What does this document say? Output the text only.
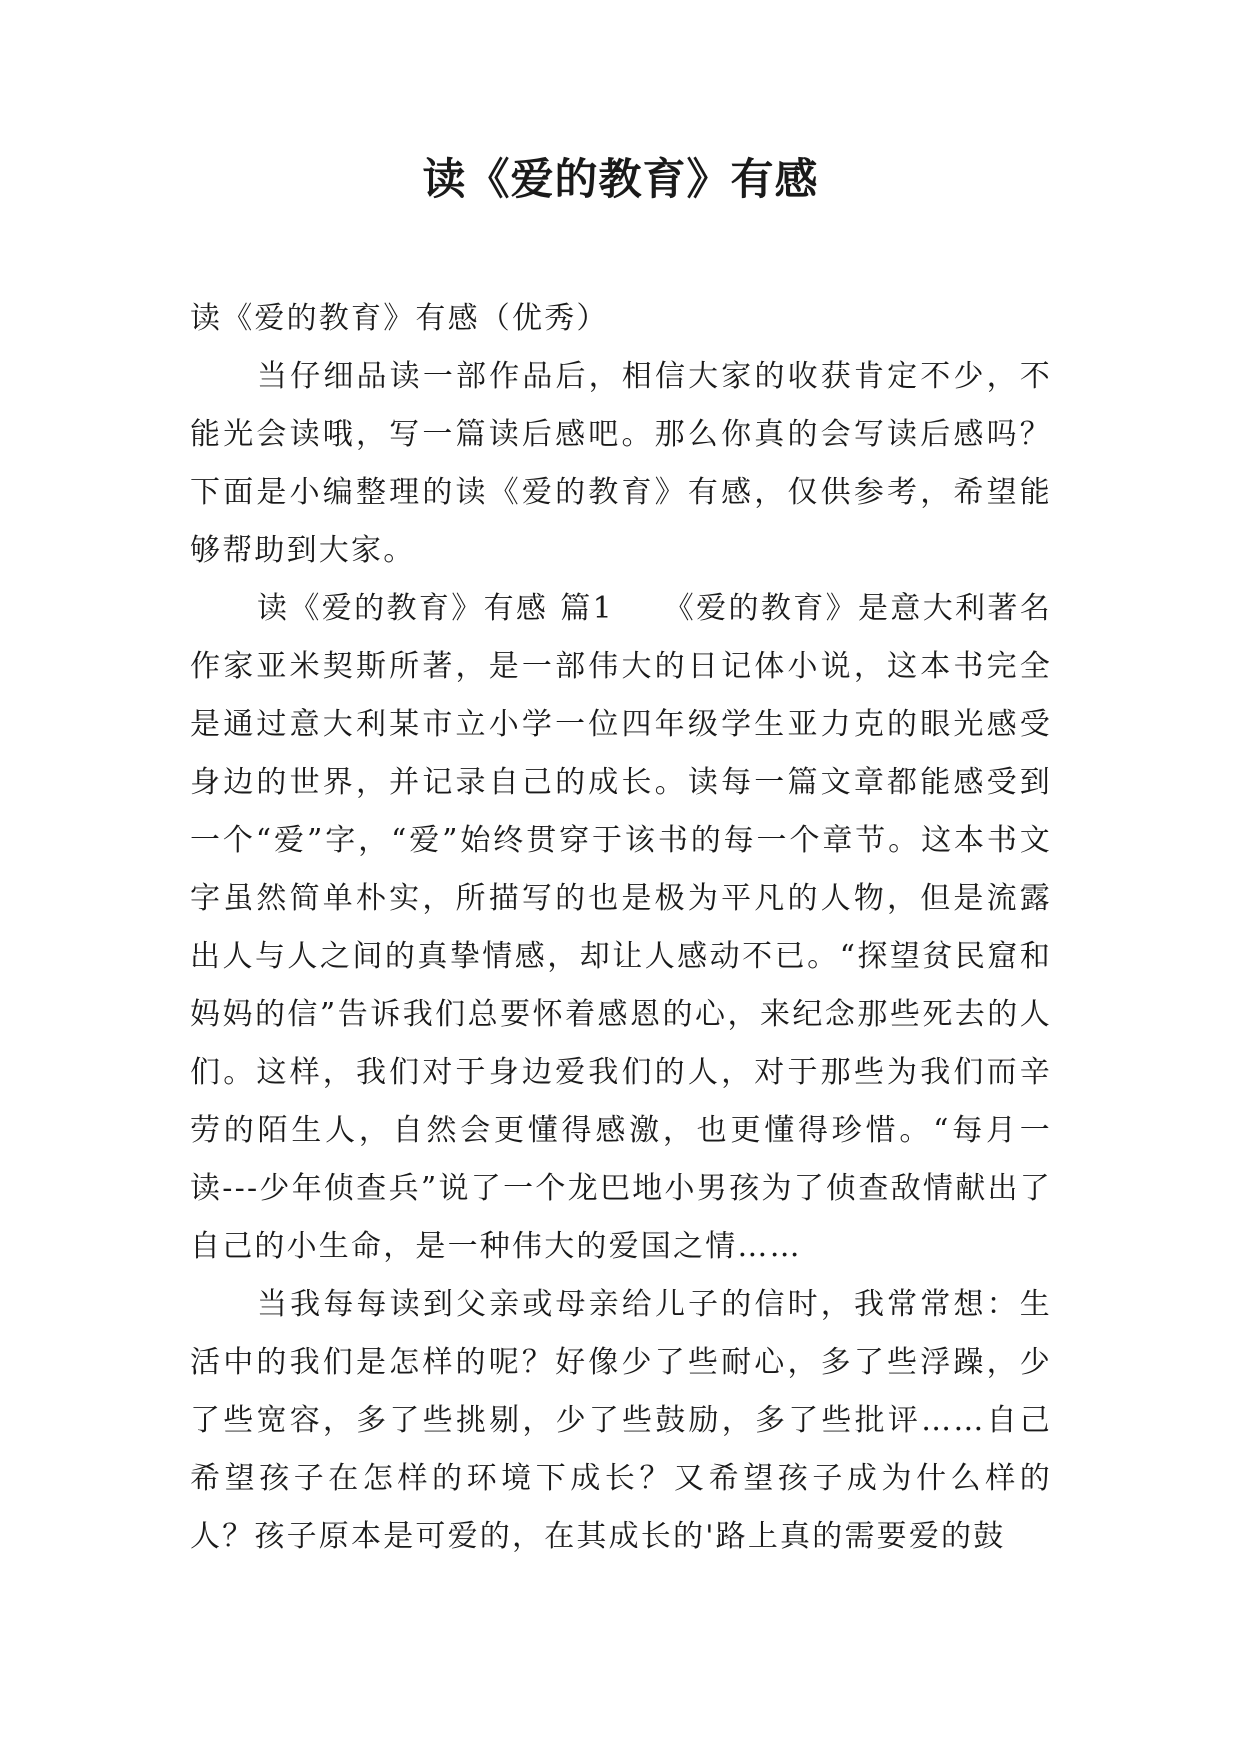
读《爱的教育》有感

读《爱的教育》有感（优秀）

当仔细品读一部作品后，相信大家的收获肯定不少，不能光会读哦，写一篇读后感吧。那么你真的会写读后感吗？下面是小编整理的读《爱的教育》有感，仅供参考，希望能够帮助到大家。

读《爱的教育》有感 篇1　　《爱的教育》是意大利著名作家亚米契斯所著，是一部伟大的日记体小说，这本书完全是通过意大利某市立小学一位四年级学生亚力克的眼光感受身边的世界，并记录自己的成长。读每一篇文章都能感受到一个“爱”字，“爱”始终贯穿于该书的每一个章节。这本书文字虽然简单朴实，所描写的也是极为平凡的人物，但是流露出人与人之间的真挚情感，却让人感动不已。“探望贫民窟和妈妈的信”告诉我们总要怀着感恩的心，来纪念那些死去的人们。这样，我们对于身边爱我们的人，对于那些为我们而辛劳的陌生人，自然会更懂得感激，也更懂得珍惜。“每月一读---少年侦查兵”说了一个龙巴地小男孩为了侦查敌情献出了自己的小生命，是一种伟大的爱国之情……

当我每每读到父亲或母亲给儿子的信时，我常常想：生活中的我们是怎样的呢？好像少了些耐心，多了些浮躁，少了些宽容，多了些挑剔，少了些鼓励，多了些批评……自己希望孩子在怎样的环境下成长？又希望孩子成为什么样的人？孩子原本是可爱的，在其成长的'路上真的需要爱的鼓
